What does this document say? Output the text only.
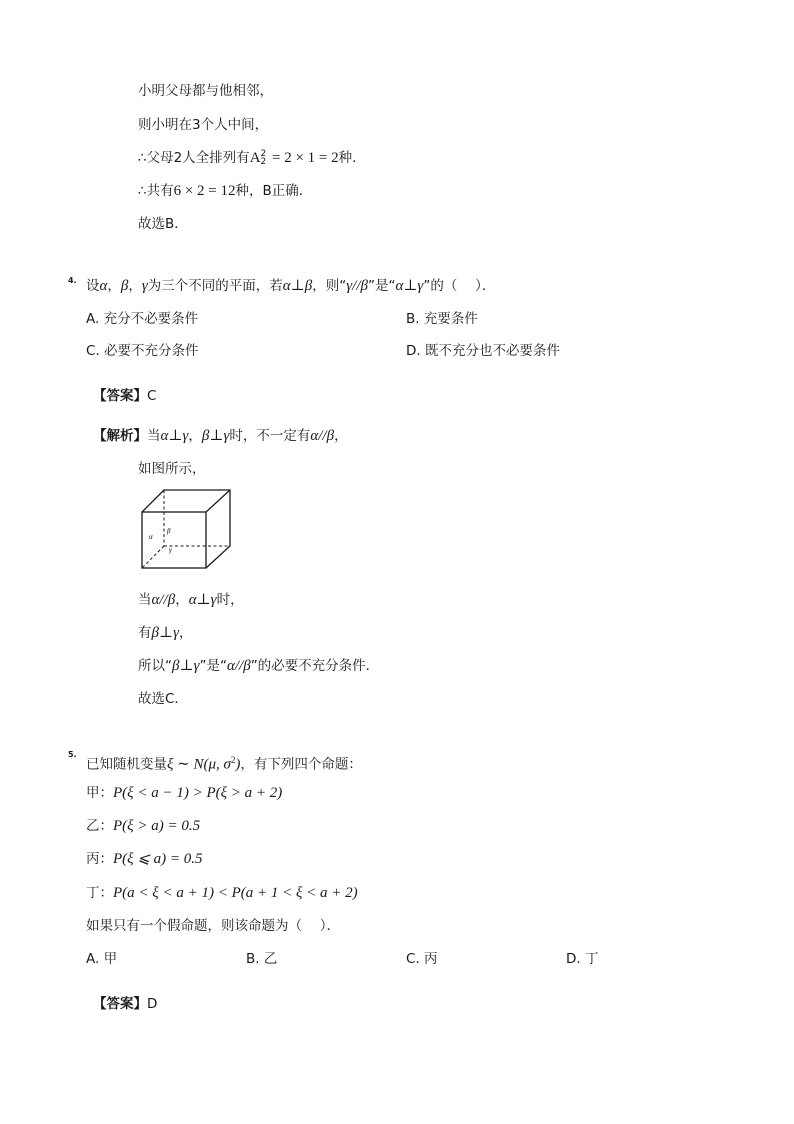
小明父母都与他相邻，
则小明在3个人中间，
∴父母2人全排列有A 2
2 = 2 × 1 = 2种．
∴共有6 × 2 = 12种，B正确．
故选B．
4. 设α，β，γ为三个不同的平面，若α⊥β，则“γ//β”是“α⊥γ”的（　 ）．
A. 充分不必要条件	B. 充要条件
C. 必要不充分条件	D. 既不充分也不必要条件
【答案】C
【解析】当α⊥γ，β⊥γ时，不一定有α//β，
如图所示，
β
α
γ
当α//β，α⊥γ时，
有β⊥γ，
所以“β⊥γ”是“α//β”的必要不充分条件．
故选C．
5.
已知随机变量ξ ∼ N(μ, $\sigma^2$)，有下列四个命题：
甲：P(ξ < a − 1) > P(ξ > a + 2)
乙：P(ξ > a) = 0.5
丙：P(ξ ⩽ a) = 0.5
丁：P(a < ξ < a + 1) < P(a + 1 < ξ < a + 2)
如果只有一个假命题，则该命题为（　 ）．
A. 甲	B. 乙	C. 丙	D. 丁
【答案】D
